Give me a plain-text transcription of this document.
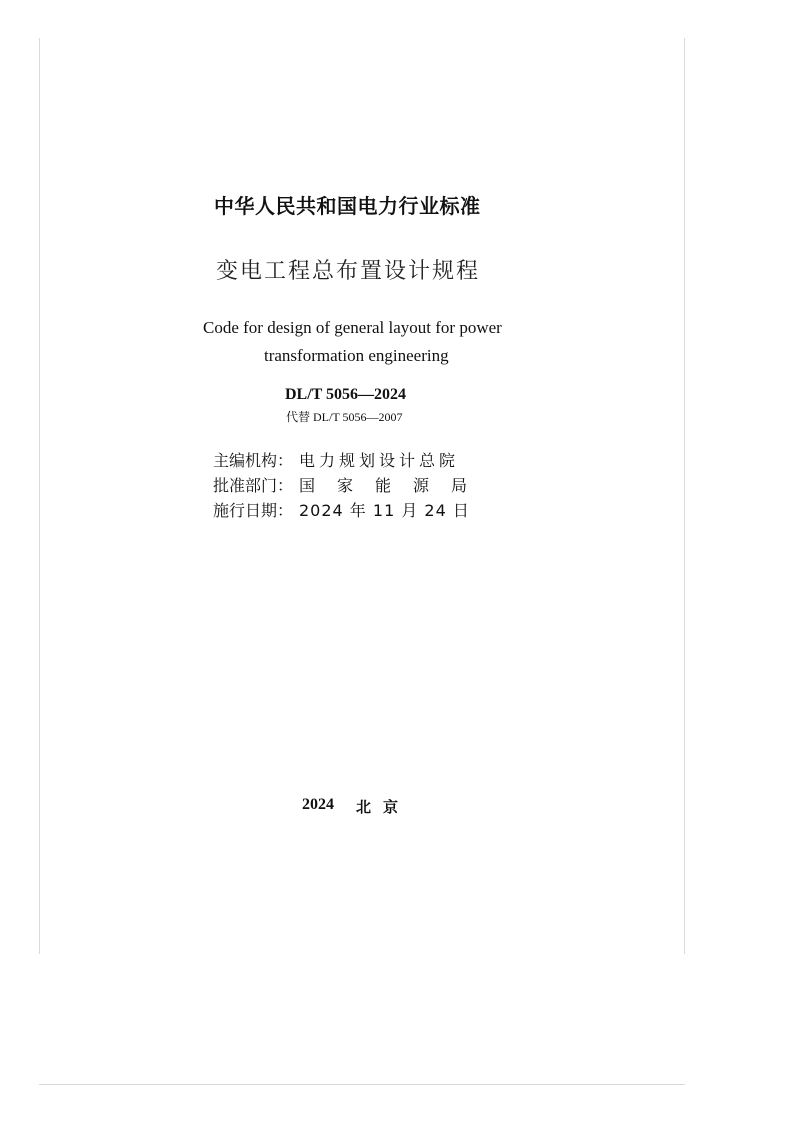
中华人民共和国电力行业标准
变电工程总布置设计规程
Code for design of general layout for power
transformation engineering
DL/T 5056—2024
代替 DL/T 5056—2007
主编机构： 电力规划设计总院
批准部门： 国家能源局
施行日期： 2024 年 11 月 24 日
2024 北京
